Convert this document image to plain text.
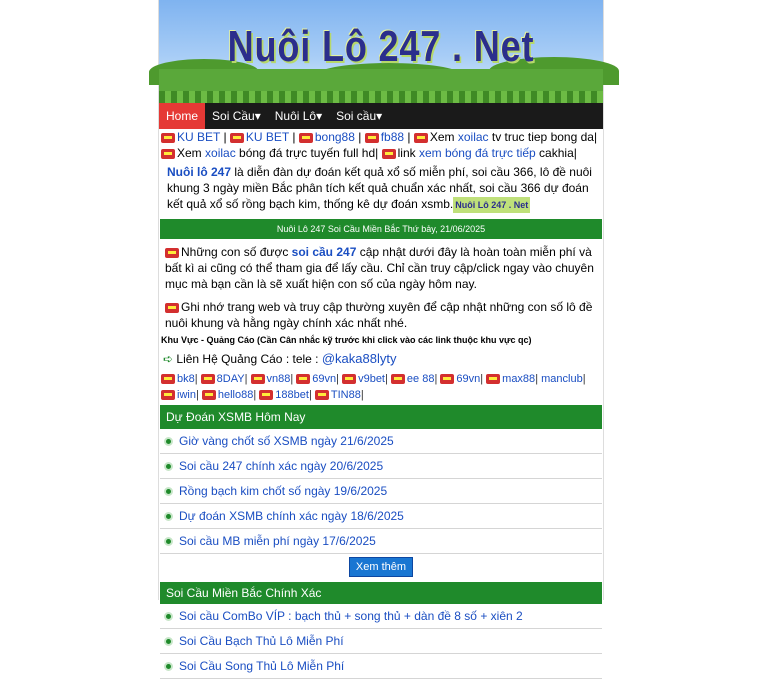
Nuôi Lô 247 . Net
Home	Soi Cầu▾	Nuôi Lô▾	Soi cầu▾
KU BET | KU BET | bong88 | fb88 | Xem xoilac tv truc tiep bong da| Xem xoilac bóng đá trực tuyến full hd| link xem bóng đá trực tiếp cakhia|
Nuôi lô 247 là diễn đàn dự đoán kết quả xổ số miễn phí, soi cầu 366, lô đề nuôi khung 3 ngày miền Bắc phân tích kết quả chuẩn xác nhất, soi cầu 366 dự đoán kết quả xổ số rồng bạch kim, thống kê dự đoán xsmb. Nuôi Lô 247 . Net
Nuôi Lô 247 Soi Cầu Miền Bắc Thứ bảy, 21/06/2025
Những con số được soi cầu 247 cập nhật dưới đây là hoàn toàn miễn phí và bất kì ai cũng có thể tham gia để lấy cầu. Chỉ cần truy cập/click ngay vào chuyên mục mà bạn cần là sẽ xuất hiện con số của ngày hôm nay.
Ghi nhớ trang web và truy cập thường xuyên để cập nhật những con số lô đề nuôi khung và hằng ngày chính xác nhất nhé.
Khu Vực - Quảng Cáo (Cần Cân nhắc kỹ trước khi click vào các link thuộc khu vực qc)
➪ Liên Hệ Quảng Cáo : tele : @kaka88lyty
bk8| 8DAY| vn88| 69vn| v9bet| ee 88| 69vn| max88| manclub| iwin| hello88| 188bet| TIN88|
Dự Đoán XSMB Hôm Nay
Giờ vàng chốt số XSMB ngày 21/6/2025
Soi cầu 247 chính xác ngày 20/6/2025
Rồng bạch kim chốt số ngày 19/6/2025
Dự đoán XSMB chính xác ngày 18/6/2025
Soi cầu MB miễn phí ngày 17/6/2025
Xem thêm
Soi Cầu Miền Bắc Chính Xác
Soi cầu ComBo VÍP : bạch thủ + song thủ + dàn đề 8 số + xiên 2
Soi Cầu Bạch Thủ Lô Miễn Phí
Soi Cầu Song Thủ Lô Miễn Phí
